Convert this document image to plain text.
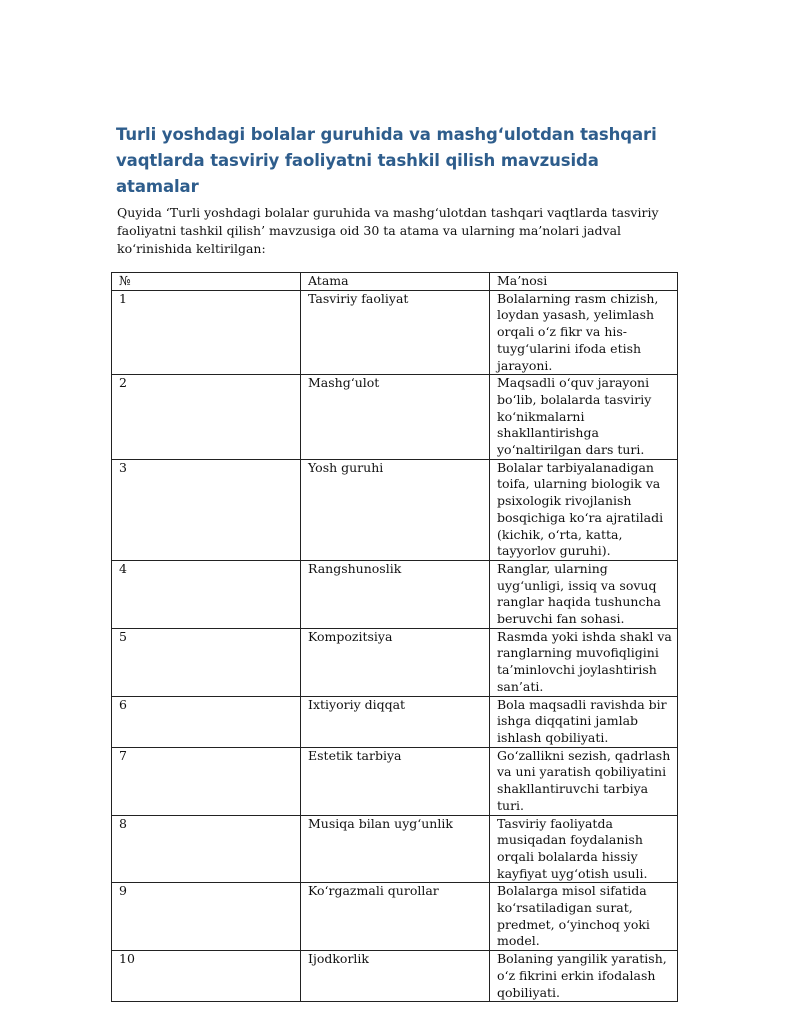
Turli yoshdagi bolalar guruhida va mashg‘ulotdan tashqari vaqtlarda tasviriy faoliyatni tashkil qilish mavzusida atamalar
Quyida ‘Turli yoshdagi bolalar guruhida va mashg‘ulotdan tashqari vaqtlarda tasviriy faoliyatni tashkil qilish’ mavzusiga oid 30 ta atama va ularning ma’nolari jadval ko‘rinishida keltirilgan:
№	Atama	Ma’nosi
1	Tasviriy faoliyat	Bolalarning rasm chizish, loydan yasash, yelimlash orqali o‘z fikr va his-tuyg‘ularini ifoda etish jarayoni.
2	Mashg‘ulot	Maqsadli o‘quv jarayoni bo‘lib, bolalarda tasviriy ko‘nikmalarni shakllantirishga yo‘naltirilgan dars turi.
3	Yosh guruhi	Bolalar tarbiyalanadigan toifa, ularning biologik va psixologik rivojlanish bosqichiga ko‘ra ajratiladi (kichik, o‘rta, katta, tayyorlov guruhi).
4	Rangshunoslik	Ranglar, ularning uyg‘unligi, issiq va sovuq ranglar haqida tushuncha beruvchi fan sohasi.
5	Kompozitsiya	Rasmda yoki ishda shakl va ranglarning muvofiqligini ta’minlovchi joylashtirish san’ati.
6	Ixtiyoriy diqqat	Bola maqsadli ravishda bir ishga diqqatini jamlab ishlash qobiliyati.
7	Estetik tarbiya	Go‘zallikni sezish, qadrlash va uni yaratish qobiliyatini shakllantiruvchi tarbiya turi.
8	Musiqa bilan uyg‘unlik	Tasviriy faoliyatda musiqadan foydalanish orqali bolalarda hissiy kayfiyat uyg‘otish usuli.
9	Ko‘rgazmali qurollar	Bolalarga misol sifatida ko‘rsatiladigan surat, predmet, o‘yinchoq yoki model.
10	Ijodkorlik	Bolaning yangilik yaratish, o‘z fikrini erkin ifodalash qobiliyati.
